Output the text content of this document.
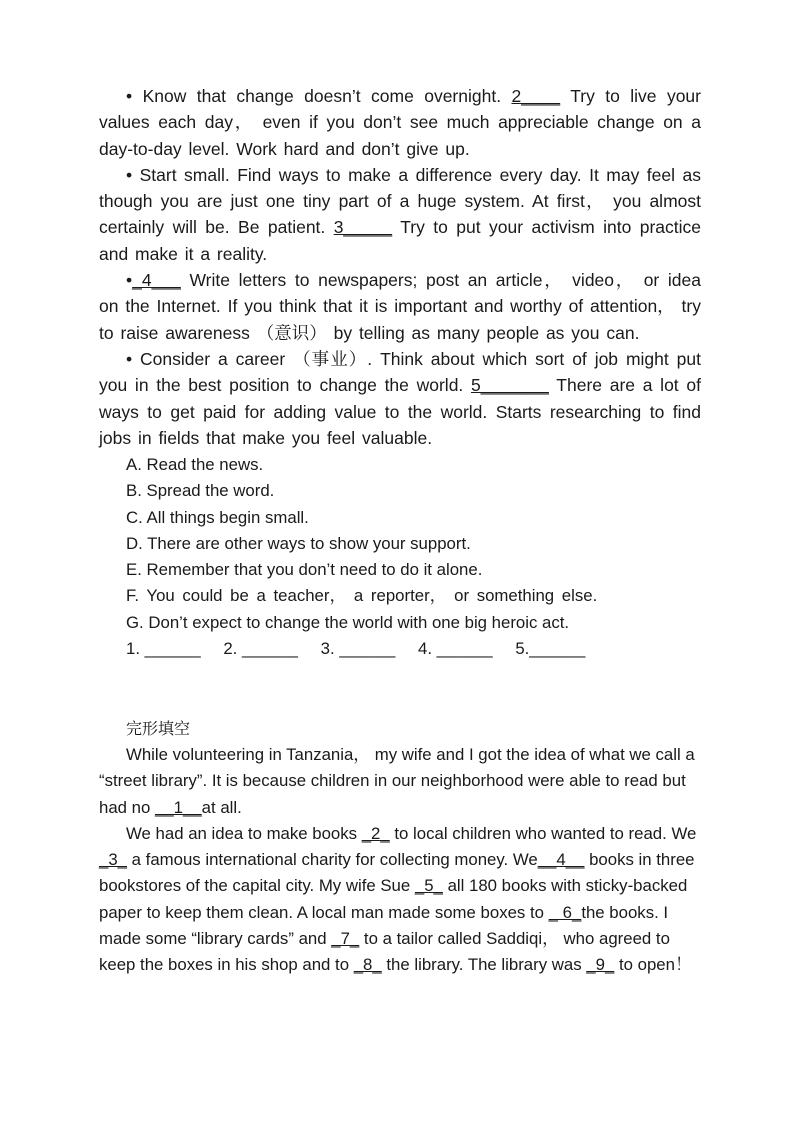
• Know that change doesn’t come overnight. 2____ Try to live your values each day， even if you don’t see much appreciable change on a day-to-day level. Work hard and don’t give up.

• Start small. Find ways to make a difference every day. It may feel as though you are just one tiny part of a huge system. At first， you almost certainly will be. Be patient. 3_____ Try to put your activism into practice and make it a reality.

•_4___ Write letters to newspapers; post an article， video， or idea on the Internet. If you think that it is important and worthy of attention， try to raise awareness （意识） by telling as many people as you can.

• Consider a career （事业）. Think about which sort of job might put you in the best position to change the world. 5_______ There are a lot of ways to get paid for adding value to the world. Starts researching to find jobs in fields that make you feel valuable.

A. Read the news.
B. Spread the word.
C. All things begin small.
D. There are other ways to show your support.
E. Remember that you don’t need to do it alone.
F. You could be a teacher， a reporter， or something else.
G. Don’t expect to change the world with one big heroic act.
1. ______ 2. ______ 3. ______ 4. ______ 5.______
完形填空

While volunteering in Tanzania， my wife and I got the idea of what we call a “street library”. It is because children in our neighborhood were able to read but had no __1__at all.

We had an idea to make books _2_ to local children who wanted to read. We _3_ a famous international charity for collecting money. We__4__ books in three bookstores of the capital city. My wife Sue _5_ all 180 books with sticky-backed paper to keep them clean. A local man made some boxes to _ 6_the books. I made some “library cards” and _7_ to a tailor called Saddiqi， who agreed to keep the boxes in his shop and to _8_ the library. The library was _9_ to open！
